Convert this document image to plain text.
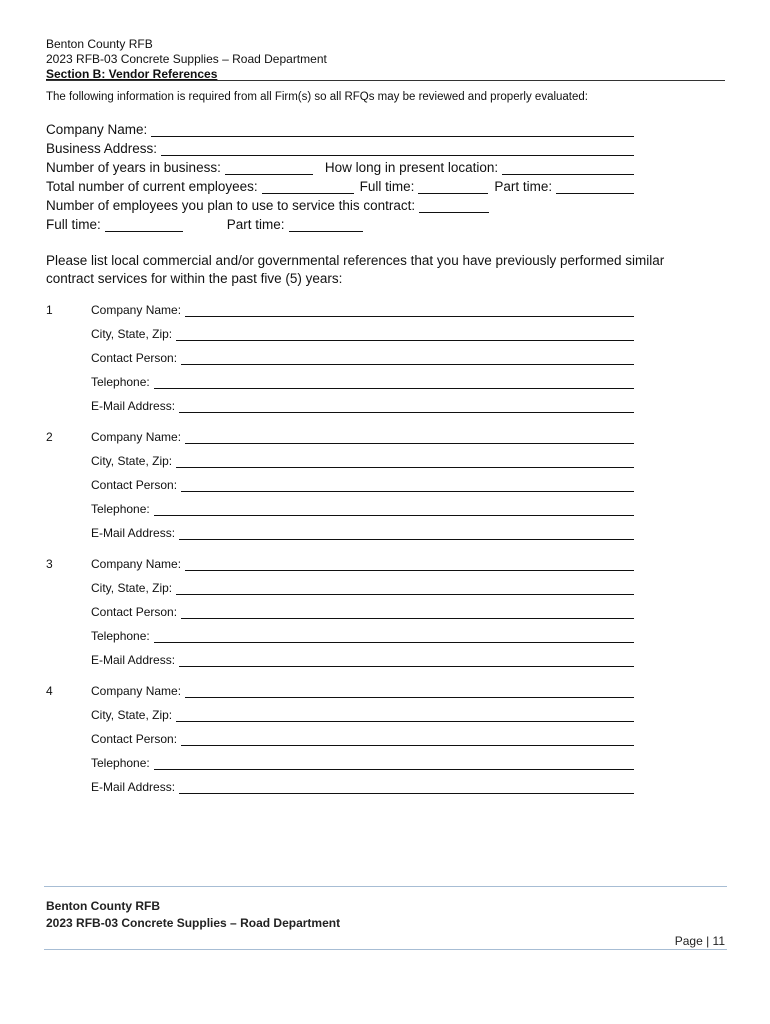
Benton County RFB
2023 RFB-03 Concrete Supplies – Road Department
Section B: Vendor References
The following information is required from all Firm(s) so all RFQs may be reviewed and properly evaluated:
Company Name:
Business Address:
Number of years in business:	How long in present location:
Total number of current employees:	Full time:	Part time:
Number of employees you plan to use to service this contract:
Full time:	Part time:
Please list local commercial and/or governmental references that you have previously performed similar contract services for within the past five (5) years:
1	Company Name:
City, State, Zip:
Contact Person:
Telephone:
E-Mail Address:
2	Company Name:
City, State, Zip:
Contact Person:
Telephone:
E-Mail Address:
3	Company Name:
City, State, Zip:
Contact Person:
Telephone:
E-Mail Address:
4	Company Name:
City, State, Zip:
Contact Person:
Telephone:
E-Mail Address:
Benton County RFB
2023 RFB-03 Concrete Supplies – Road Department
Page | 11
